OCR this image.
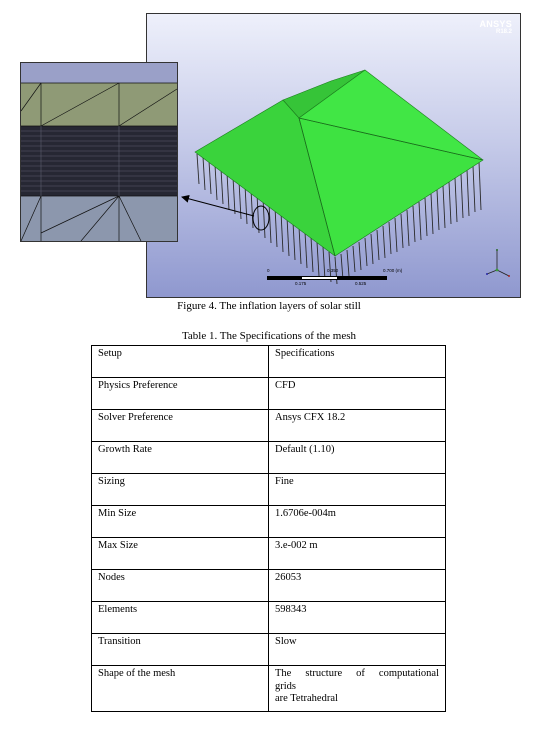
ANSYS
R18.2
0	0.350	0.700 (m)
0.175	0.525
Figure 4. The inflation layers of solar still
Table 1. The Specifications of the mesh
Setup	Specifications
Physics Preference	CFD
Solver Preference	Ansys CFX 18.2
Growth Rate	Default (1.10)
Sizing	Fine
Min Size	1.6706e-004m
Max Size	3.e-002 m
Nodes	26053
Elements	598343
Transition	Slow
Shape of the mesh	The structure of computational
grids
are Tetrahedral
